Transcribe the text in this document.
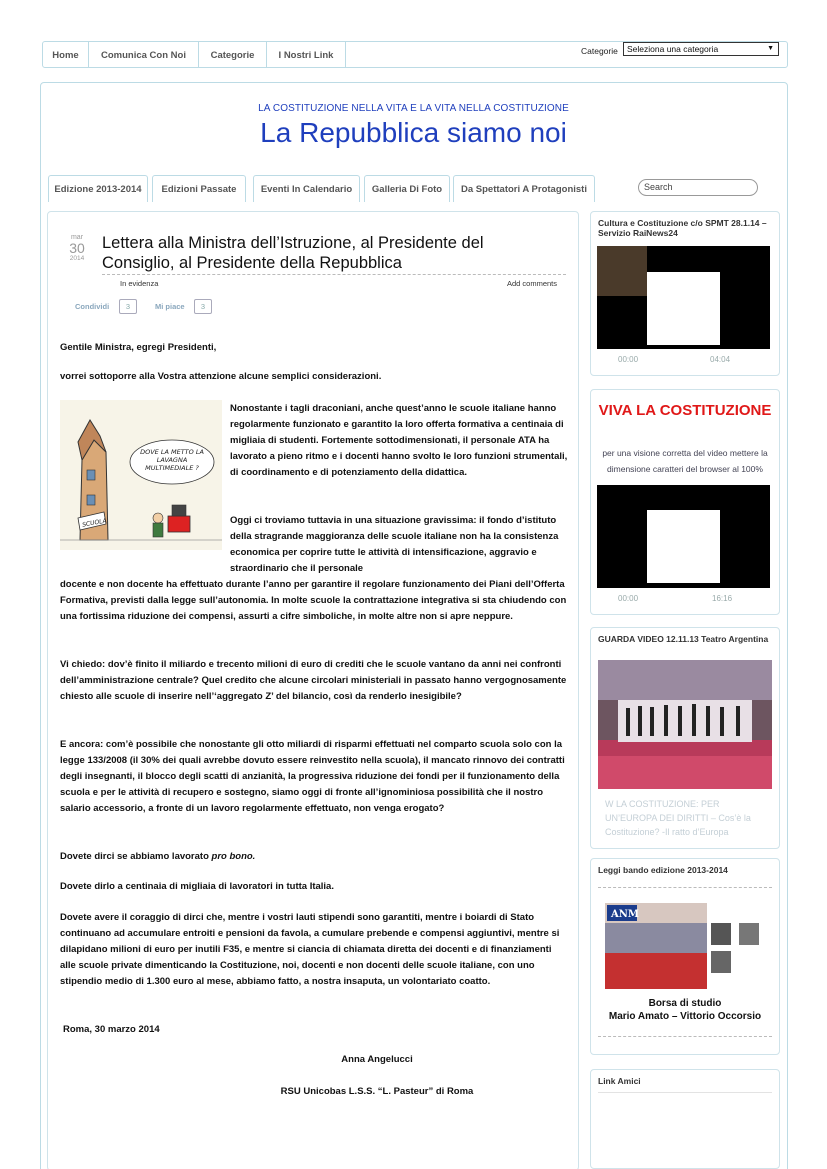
Home	Comunica Con Noi	Categorie	I Nostri Link	Categorie	Seleziona una categoria	▼
LA COSTITUZIONE NELLA VITA E LA VITA NELLA COSTITUZIONE
La Repubblica siamo noi
Edizione 2013-2014	Edizioni Passate	Eventi In Calendario	Galleria Di Foto	Da Spettatori A Protagonisti	Search
mar
30
2014
Lettera alla Ministra dell’Istruzione, al Presidente del Consiglio, al Presidente della Repubblica
In evidenza	Add comments
Condividi	3	Mi piace	3
Gentile Ministra, egregi Presidenti,
vorrei sottoporre alla Vostra attenzione alcune semplici considerazioni.
SCUOLA
DOVE LA METTO LA LAVAGNA MULTIMEDIALE ?
Nonostante i tagli draconiani, anche quest’anno le scuole italiane hanno regolarmente funzionato e garantito la loro offerta formativa a centinaia di migliaia di studenti. Fortemente sottodimensionati, il personale ATA ha lavorato a pieno ritmo e i docenti hanno svolto le loro funzioni strumentali, di coordinamento e di potenziamento della didattica.
Oggi ci troviamo tuttavia in una situazione gravissima: il fondo d’istituto della stragrande maggioranza delle scuole italiane non ha la consistenza economica per coprire tutte le attività di intensificazione, aggravio e straordinario che il personale
docente e non docente ha effettuato durante l’anno per garantire il regolare funzionamento dei Piani dell’Offerta Formativa, previsti dalla legge sull’autonomia. In molte scuole la contrattazione integrativa si sta chiudendo con una fortissima riduzione dei compensi, assurti a cifre simboliche, in molte altre non si apre neppure.
Vi chiedo: dov’è finito il miliardo e trecento milioni di euro di crediti che le scuole vantano da anni nei confronti dell’amministrazione centrale? Quel credito che alcune circolari ministeriali in passato hanno vergognosamente chiesto alle scuole di inserire nell’‘aggregato Z’ del bilancio, così da renderlo inesigibile?
E ancora: com’è possibile che nonostante gli otto miliardi di risparmi effettuati nel comparto scuola solo con la legge 133/2008 (il 30% dei quali avrebbe dovuto essere reinvestito nella scuola), il mancato rinnovo dei contratti degli insegnanti, il blocco degli scatti di anzianità, la progressiva riduzione dei fondi per il funzionamento della scuola e per le attività di recupero e sostegno, siamo oggi di fronte all’ignominiosa possibilità che il nostro salario accessorio, a fronte di un lavoro regolarmente effettuato, non venga erogato?
Dovete dirci se abbiamo lavorato pro bono.
Dovete dirlo a centinaia di migliaia di lavoratori in tutta Italia.
Dovete avere il coraggio di dirci che, mentre i vostri lauti stipendi sono garantiti, mentre i boiardi di Stato continuano ad accumulare entroiti e pensioni da favola, a cumulare prebende e compensi aggiuntivi, mentre si dilapidano milioni di euro per inutili F35, e mentre si ciancia di chiamata diretta dei docenti e di finanziamenti alle scuole private dimenticando la Costituzione, noi, docenti e non docenti delle scuole italiane, con uno stipendio medio di 1.300 euro al mese, abbiamo fatto, a nostra insaputa, un volontariato coatto.
Roma, 30 marzo 2014
Anna Angelucci
RSU Unicobas L.S.S. “L. Pasteur” di Roma
Cultura e Costituzione c/o SPMT 28.1.14 – Servizio RaiNews24
00:00	04:04
VIVA LA COSTITUZIONE
per una visione corretta del video mettere la dimensione caratteri del browser al 100%
00:00	16:16
GUARDA VIDEO 12.11.13 Teatro Argentina
W LA COSTITUZIONE: PER UN’EUROPA DEI DIRITTI – Cos’è la Costituzione? -Il ratto d’Europa
Leggi bando edizione 2013-2014
ANM
Borsa di studio
Mario Amato – Vittorio Occorsio
Link Amici
